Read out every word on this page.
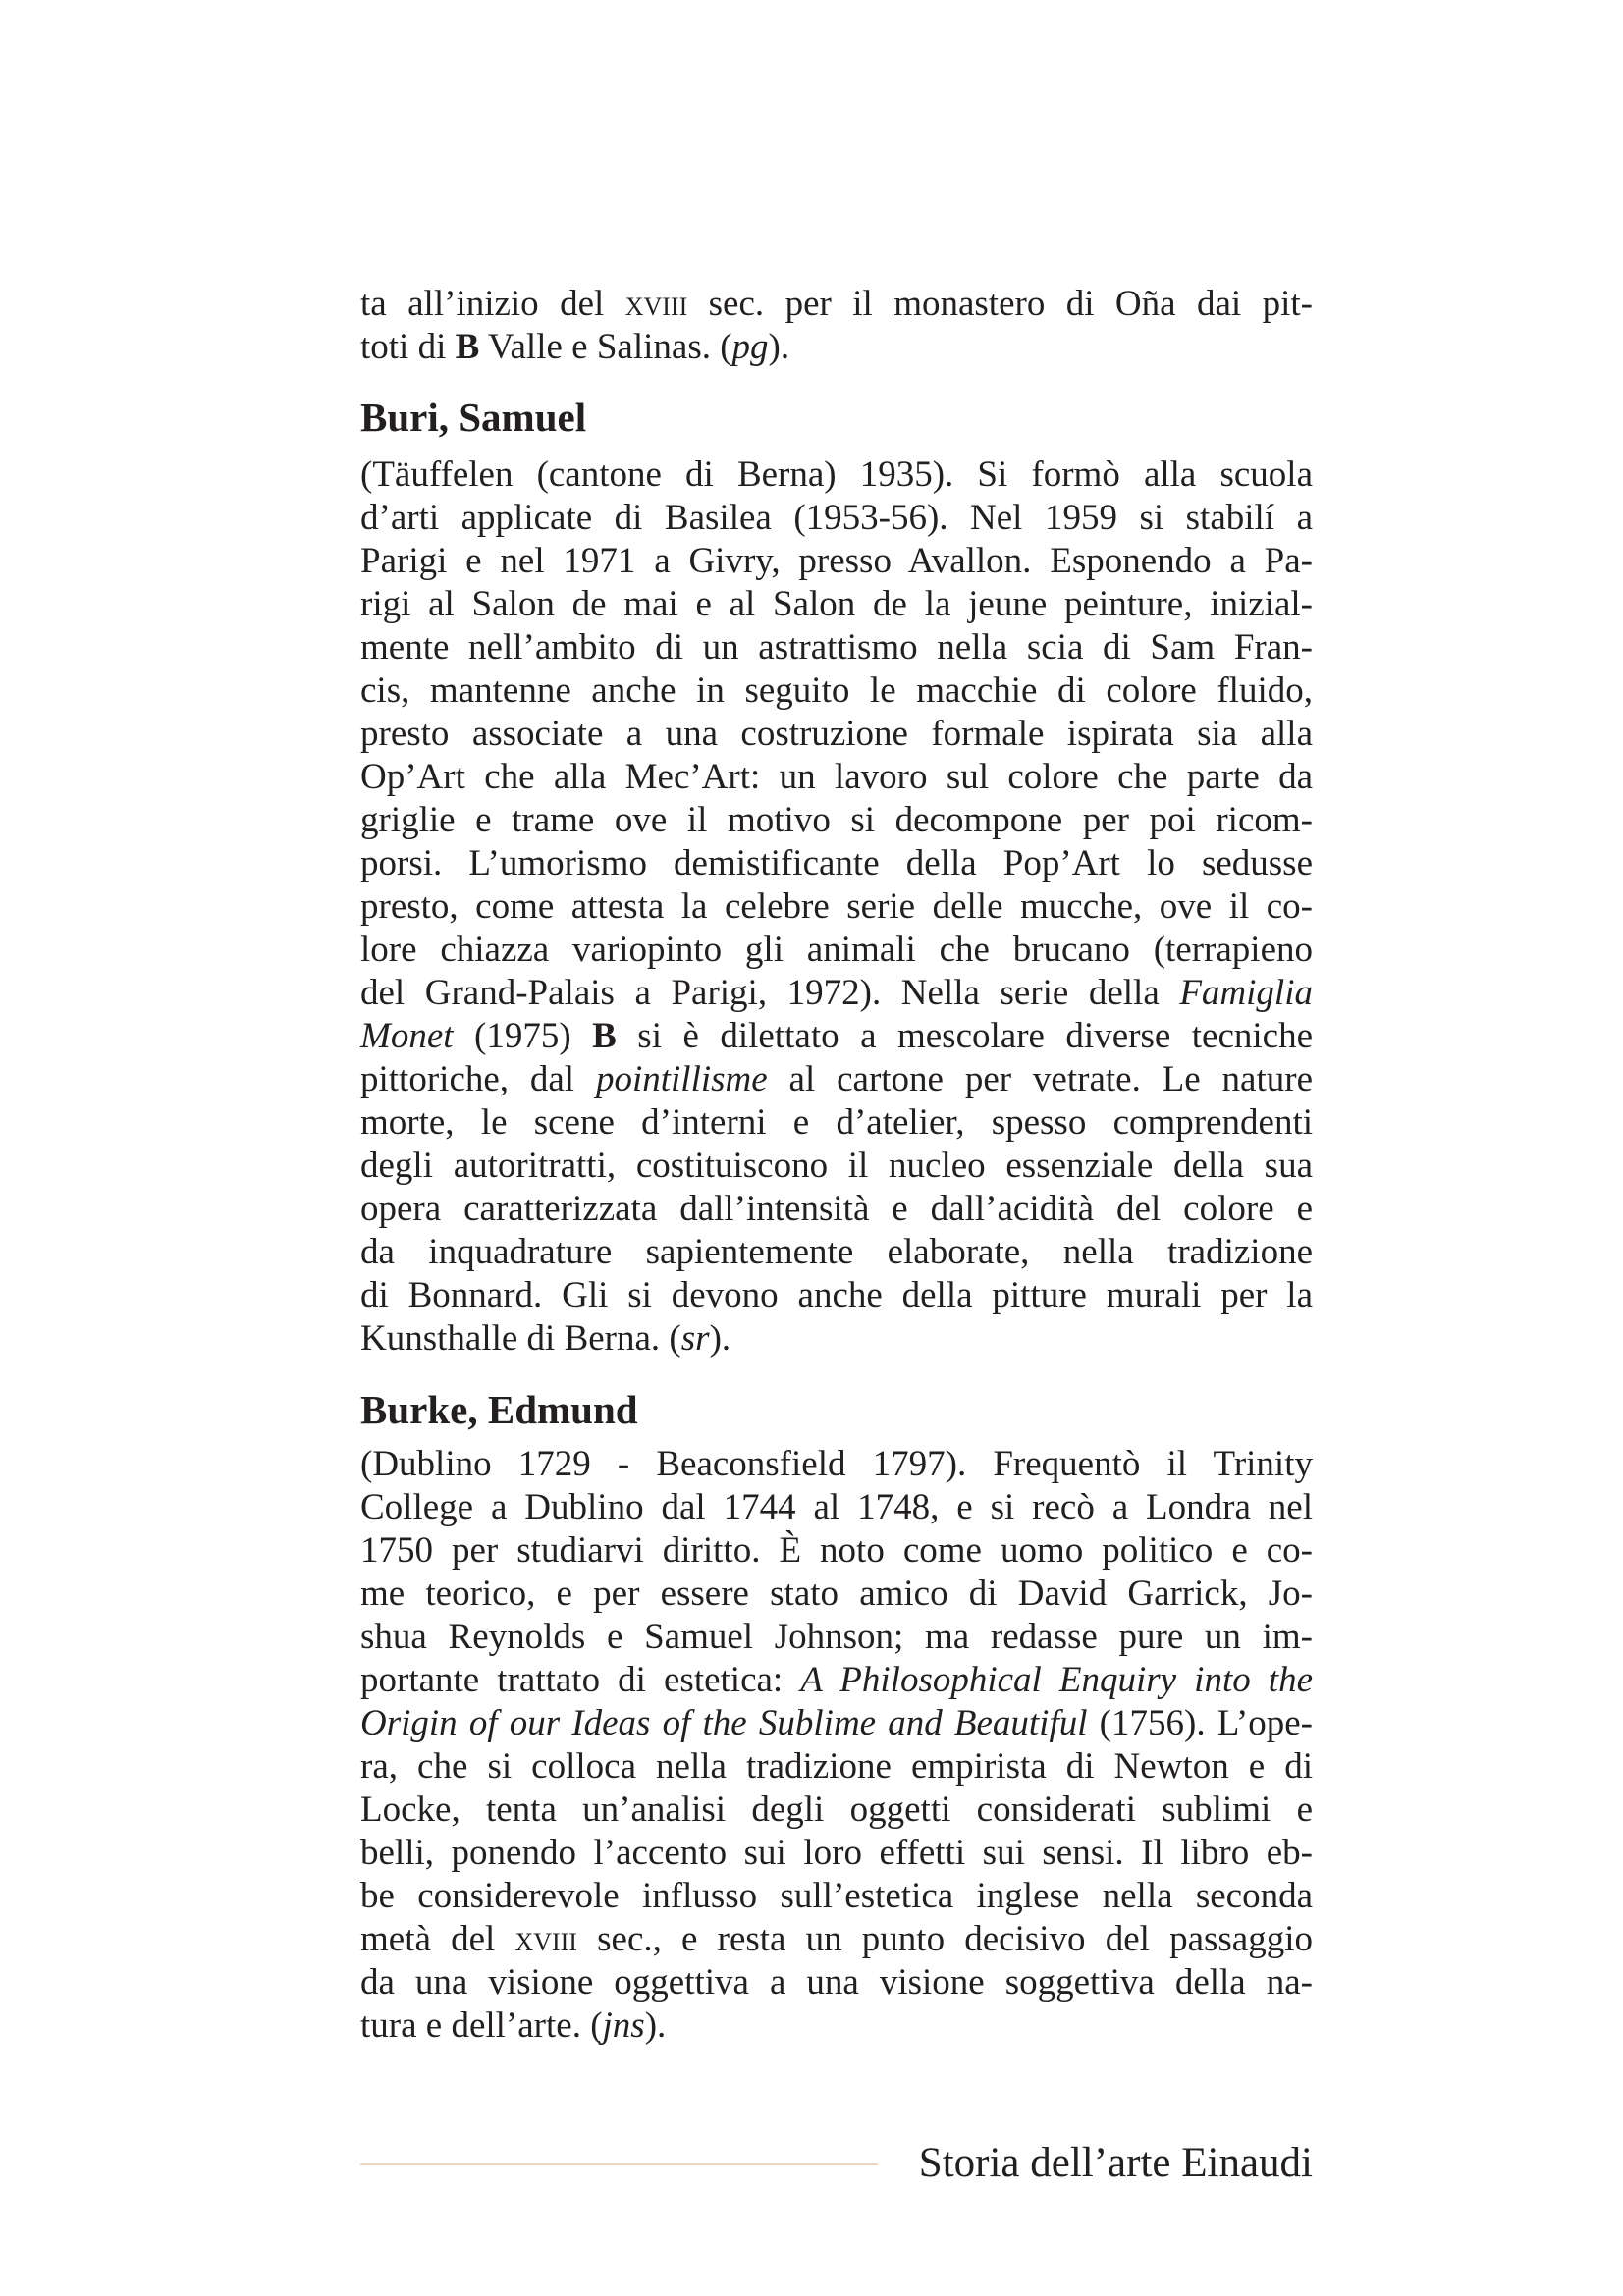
ta all’inizio del xviii sec. per il monastero di Oña dai pit-
toti di B Valle e Salinas. (pg).
Buri, Samuel
(Täuffelen (cantone di Berna) 1935). Si formò alla scuola
d’arti applicate di Basilea (1953-56). Nel 1959 si stabilí a
Parigi e nel 1971 a Givry, presso Avallon. Esponendo a Pa-
rigi al Salon de mai e al Salon de la jeune peinture, inizial-
mente nell’ambito di un astrattismo nella scia di Sam Fran-
cis, mantenne anche in seguito le macchie di colore fluido,
presto associate a una costruzione formale ispirata sia alla
Op’Art che alla Mec’Art: un lavoro sul colore che parte da
griglie e trame ove il motivo si decompone per poi ricom-
porsi. L’umorismo demistificante della Pop’Art lo sedusse
presto, come attesta la celebre serie delle mucche, ove il co-
lore chiazza variopinto gli animali che brucano (terrapieno
del Grand-Palais a Parigi, 1972). Nella serie della Famiglia
Monet (1975) B si è dilettato a mescolare diverse tecniche
pittoriche, dal pointillisme al cartone per vetrate. Le nature
morte, le scene d’interni e d’atelier, spesso comprendenti
degli autoritratti, costituiscono il nucleo essenziale della sua
opera caratterizzata dall’intensità e dall’acidità del colore e
da inquadrature sapientemente elaborate, nella tradizione
di Bonnard. Gli si devono anche della pitture murali per la
Kunsthalle di Berna. (sr).
Burke, Edmund
(Dublino 1729 - Beaconsfield 1797). Frequentò il Trinity
College a Dublino dal 1744 al 1748, e si recò a Londra nel
1750 per studiarvi diritto. È noto come uomo politico e co-
me teorico, e per essere stato amico di David Garrick, Jo-
shua Reynolds e Samuel Johnson; ma redasse pure un im-
portante trattato di estetica: A Philosophical Enquiry into the
Origin of our Ideas of the Sublime and Beautiful (1756). L’ope-
ra, che si colloca nella tradizione empirista di Newton e di
Locke, tenta un’analisi degli oggetti considerati sublimi e
belli, ponendo l’accento sui loro effetti sui sensi. Il libro eb-
be considerevole influsso sull’estetica inglese nella seconda
metà del xviii sec., e resta un punto decisivo del passaggio
da una visione oggettiva a una visione soggettiva della na-
tura e dell’arte. (jns).
Storia dell’arte Einaudi
